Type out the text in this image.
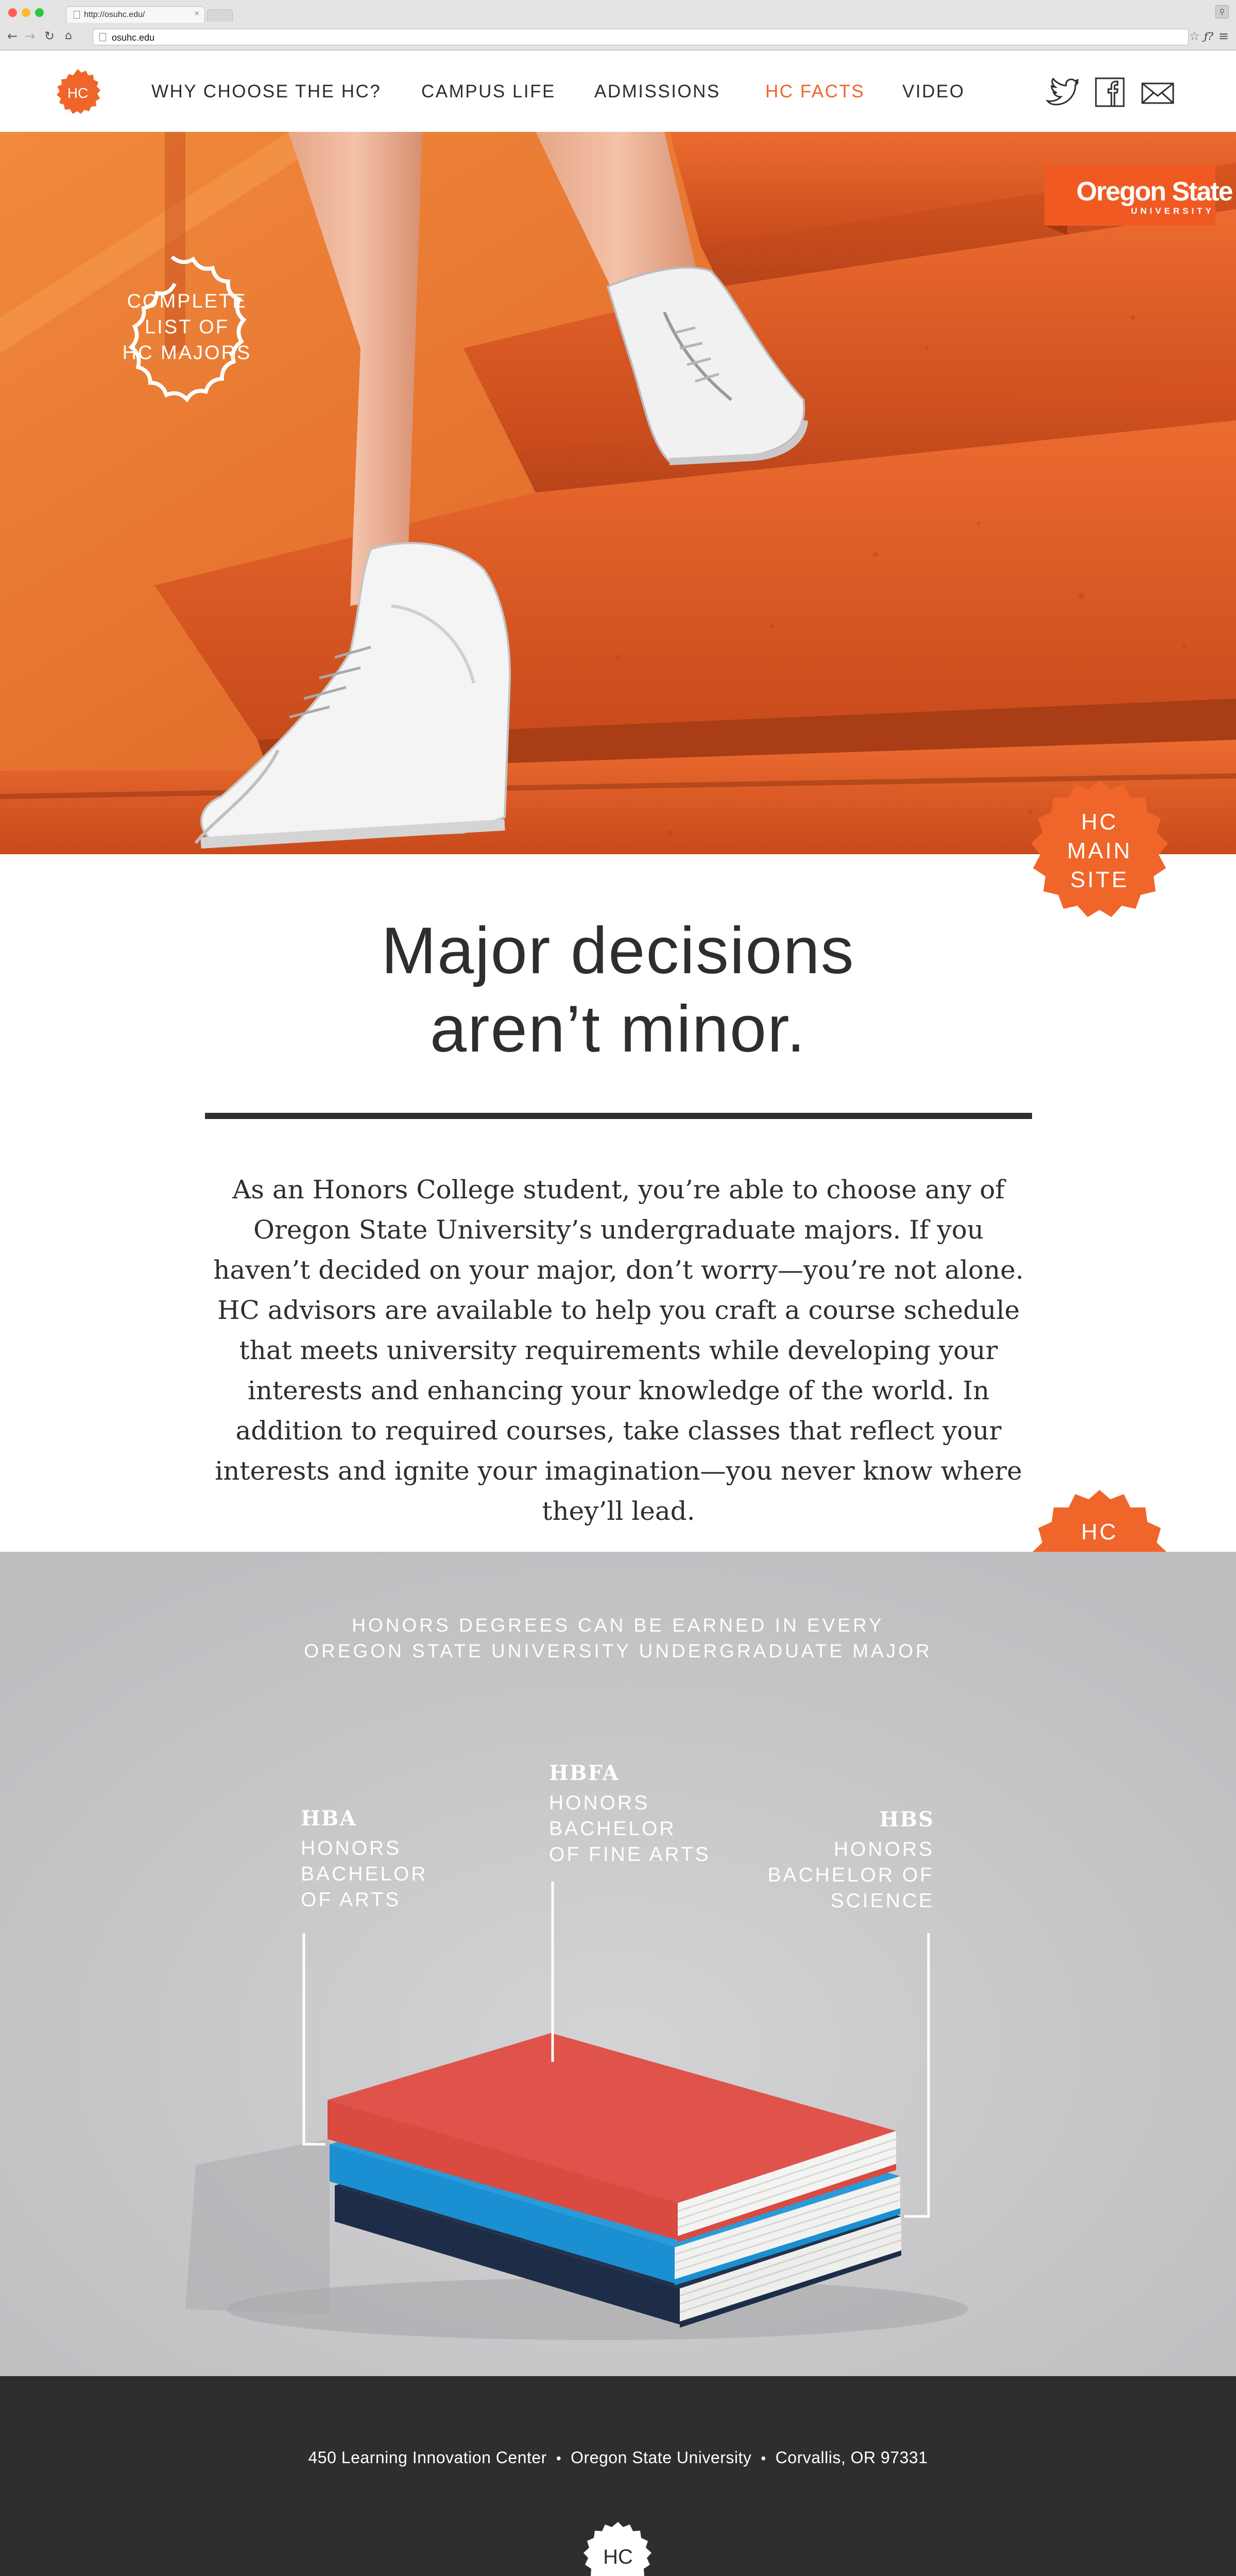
http://osuhc.edu/	×	⚲
← → ↻ ⌂	osuhc.edu	☆ ƒ? ≡
HC	WHY CHOOSE THE HC? CAMPUS LIFE ADMISSIONS HC FACTS VIDEO
Oregon State
UNIVERSITY
COMPLETE
LIST OF
HC MAJORS
HC
MAIN
SITE
Major decisions
aren’t minor.

As an Honors College student, you’re able to choose any of Oregon State University’s undergraduate majors. If you haven’t decided on your major, don’t worry—you’re not alone. HC advisors are available to help you craft a course schedule that meets university requirements while developing your interests and enhancing your knowledge of the world. In addition to required courses, take classes that reflect your interests and ignite your imagination—you never know where they’ll lead.

HC
HONORS DEGREES CAN BE EARNED IN EVERY
OREGON STATE UNIVERSITY UNDERGRADUATE MAJOR
HBA
HONORS
BACHELOR
OF ARTS
HBFA
HONORS
BACHELOR
OF FINE ARTS
HBS
HONORS
BACHELOR OF
SCIENCE
450 Learning Innovation Center • Oregon State University • Corvallis, OR 97331
HC
